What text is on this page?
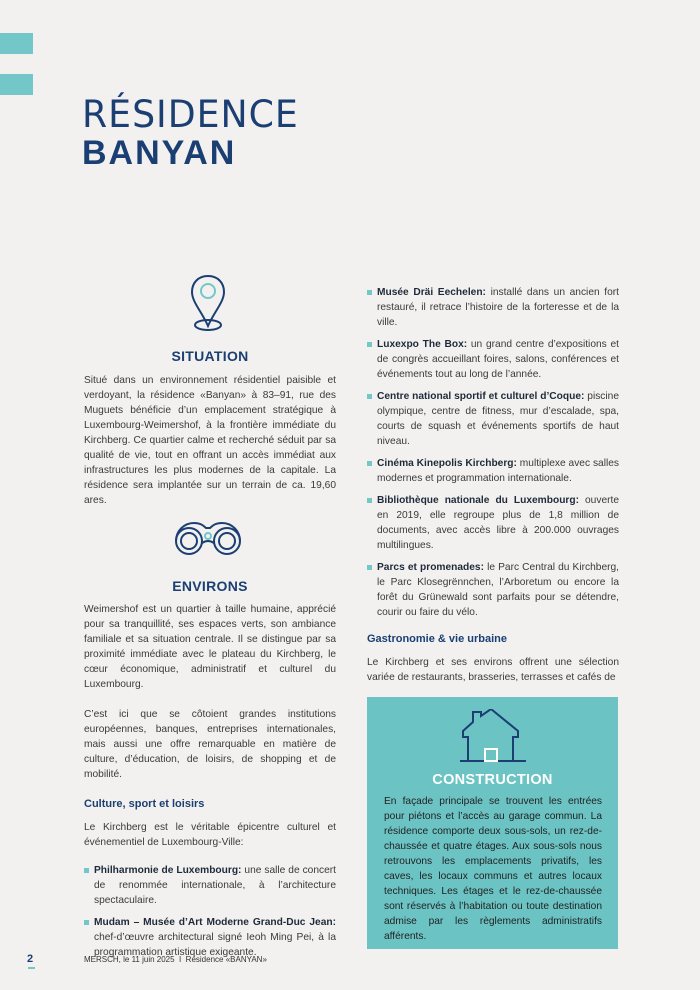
RÉSIDENCE
BANYAN
SITUATION

Situé dans un environnement résidentiel paisible et verdoyant, la résidence «Banyan» à 83–91, rue des Muguets bénéficie d’un emplacement stratégique à Luxembourg-Weimershof, à la frontière immédiate du Kirchberg. Ce quartier calme et recherché séduit par sa qualité de vie, tout en offrant un accès immédiat aux infrastructures les plus modernes de la capitale. La résidence sera implantée sur un terrain de ca. 19,60 ares.

ENVIRONS

Weimershof est un quartier à taille humaine, apprécié pour sa tranquillité, ses espaces verts, son ambiance familiale et sa situation centrale. Il se distingue par sa proximité immédiate avec le plateau du Kirchberg, le cœur économique, administratif et culturel du Luxembourg.

C’est ici que se côtoient grandes institutions européennes, banques, entreprises internationales, mais aussi une offre remarquable en matière de culture, d’éducation, de loisirs, de shopping et de mobilité.

Culture, sport et loisirs

Le Kirchberg est le véritable épicentre culturel et événementiel de Luxembourg-Ville:

Philharmonie de Luxembourg: une salle de concert de renommée internationale, à l’architecture spectaculaire.

Mudam – Musée d’Art Moderne Grand-Duc Jean: chef-d’œuvre architectural signé Ieoh Ming Pei, à la programmation artistique exigeante.

Musée Dräi Eechelen: installé dans un ancien fort restauré, il retrace l’histoire de la forteresse et de la ville.

Luxexpo The Box: un grand centre d’expositions et de congrès accueillant foires, salons, conférences et événements tout au long de l’année.

Centre national sportif et culturel d’Coque: piscine olympique, centre de fitness, mur d’escalade, spa, courts de squash et événements sportifs de haut niveau.

Cinéma Kinepolis Kirchberg: multiplexe avec salles modernes et programmation internationale.

Bibliothèque nationale du Luxembourg: ouverte en 2019, elle regroupe plus de 1,8 million de documents, avec accès libre à 200.000 ouvrages multilingues.

Parcs et promenades: le Parc Central du Kirchberg, le Parc Klosegrënnchen, l’Arboretum ou encore la forêt du Grünewald sont parfaits pour se détendre, courir ou faire du vélo.

Gastronomie & vie urbaine

Le Kirchberg et ses environs offrent une sélection variée de restaurants, brasseries, terrasses et cafés de

CONSTRUCTION

En façade principale se trouvent les entrées pour piétons et l’accès au garage commun. La résidence comporte deux sous-sols, un rez-de-chaussée et quatre étages. Aux sous-sols nous retrouvons les emplacements privatifs, les caves, les locaux communs et autres locaux techniques. Les étages et le rez-de-chaussée sont réservés à l’habitation ou toute destination admise par les règlements administratifs afférents.

2	MERSCH, le 11 juin 2025  I  Résidence «BANYAN»
